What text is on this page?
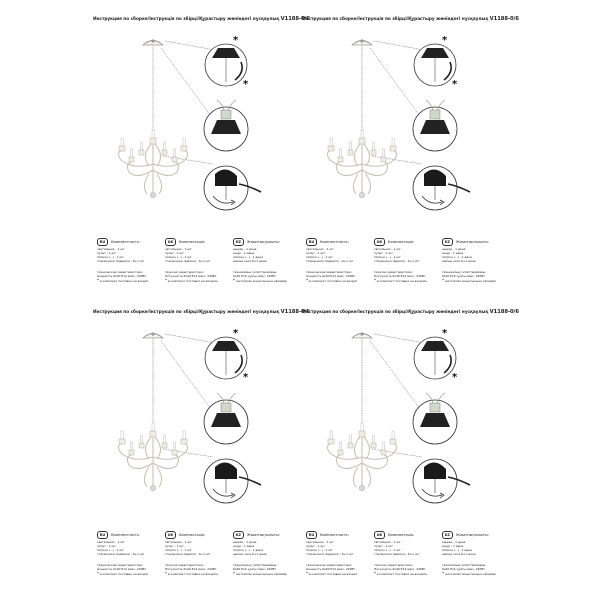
Инструкция по сборке/Інструкція по збірці/Құрастыру жөніндегі нұсқаулық V1188-0/6
*
*
RU Комплектность:
светильник - 1 шт
пульт - 1 шт.
патрон (...) - 1 шт
стаканчики подвески - 6+1 шт
технические характеристики:
мощность 6x40 Е14 макс. 240Вт
* в комплект поставки не входит
UK Комплектація:
світильник - 1 шт
пульт - 1 шт.
патрон (...) - 1 шт
стаканчики підвіски - 6+1 шт
технічні характеристики:
Потужність 6x40 Е14 макс. 240Вт
* в комплект поставки не входить
KZ Жиынтықтылығы:
шырақ - 1 дана
шнур - 1 дана
патрон (...) - 1 дана
шағын кесе 6+1 дана
техникалық сипаттамалары:
6x40 Е14 қуаты макс. 240Вт
* жеткізілім жиынтығына кірмейді
Инструкция по сборке/Інструкція по збірці/Құрастыру жөніндегі нұсқаулық V1188-0/6
*
*
RU Комплектность:
светильник - 1 шт
пульт - 1 шт.
патрон (...) - 1 шт
стаканчики подвески - 6+1 шт
технические характеристики:
мощность 6x40 Е14 макс. 240Вт
* в комплект поставки не входит
UK Комплектація:
світильник - 1 шт
пульт - 1 шт.
патрон (...) - 1 шт
стаканчики підвіски - 6+1 шт
технічні характеристики:
Потужність 6x40 Е14 макс. 240Вт
* в комплект поставки не входить
KZ Жиынтықтылығы:
шырақ - 1 дана
шнур - 1 дана
патрон (...) - 1 дана
шағын кесе 6+1 дана
техникалық сипаттамалары:
6x40 Е14 қуаты макс. 240Вт
* жеткізілім жиынтығына кірмейді
Инструкция по сборке/Інструкція по збірці/Құрастыру жөніндегі нұсқаулық V1188-0/6
*
*
RU Комплектность:
светильник - 1 шт
пульт - 1 шт.
патрон (...) - 1 шт
стаканчики подвески - 6+1 шт
технические характеристики:
мощность 6x40 Е14 макс. 240Вт
* в комплект поставки не входит
UK Комплектація:
світильник - 1 шт
пульт - 1 шт.
патрон (...) - 1 шт
стаканчики підвіски - 6+1 шт
технічні характеристики:
Потужність 6x40 Е14 макс. 240Вт
* в комплект поставки не входить
KZ Жиынтықтылығы:
шырақ - 1 дана
шнур - 1 дана
патрон (...) - 1 дана
шағын кесе 6+1 дана
техникалық сипаттамалары:
6x40 Е14 қуаты макс. 240Вт
* жеткізілім жиынтығына кірмейді
Инструкция по сборке/Інструкція по збірці/Құрастыру жөніндегі нұсқаулық V1188-0/6
*
*
RU Комплектность:
светильник - 1 шт
пульт - 1 шт.
патрон (...) - 1 шт
стаканчики подвески - 6+1 шт
технические характеристики:
мощность 6x40 Е14 макс. 240Вт
* в комплект поставки не входит
UK Комплектація:
світильник - 1 шт
пульт - 1 шт.
патрон (...) - 1 шт
стаканчики підвіски - 6+1 шт
технічні характеристики:
Потужність 6x40 Е14 макс. 240Вт
* в комплект поставки не входить
KZ Жиынтықтылығы:
шырақ - 1 дана
шнур - 1 дана
патрон (...) - 1 дана
шағын кесе 6+1 дана
техникалық сипаттамалары:
6x40 Е14 қуаты макс. 240Вт
* жеткізілім жиынтығына кірмейді
